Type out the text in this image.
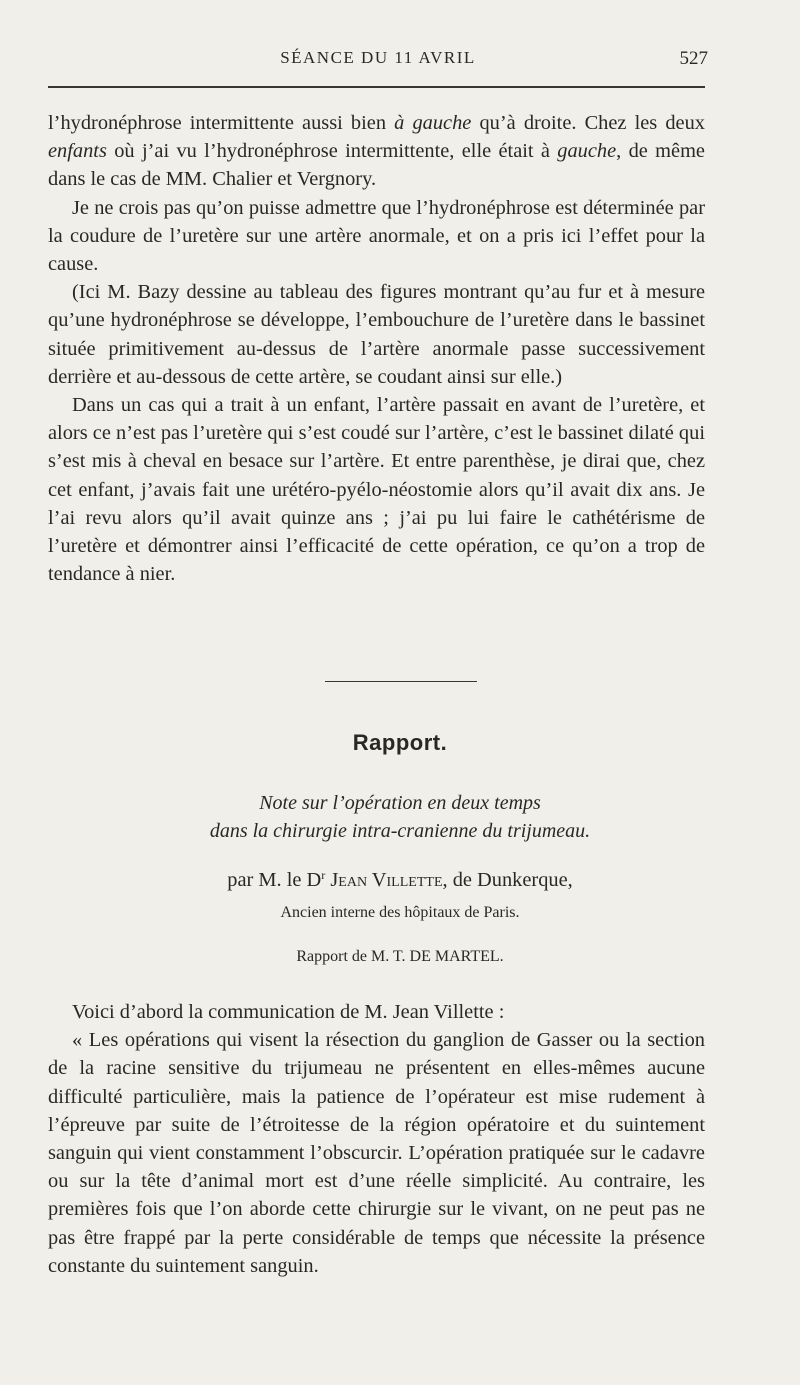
SÉANCE DU 11 AVRIL	527

l’hydronéphrose intermittente aussi bien à gauche qu’à droite. Chez les deux enfants où j’ai vu l’hydronéphrose intermittente, elle était à gauche, de même dans le cas de MM. Chalier et Vergnory.

Je ne crois pas qu’on puisse admettre que l’hydronéphrose est déterminée par la coudure de l’uretère sur une artère anormale, et on a pris ici l’effet pour la cause.

(Ici M. Bazy dessine au tableau des figures montrant qu’au fur et à mesure qu’une hydronéphrose se développe, l’embouchure de l’uretère dans le bassinet située primitivement au-dessus de l’artère anormale passe successivement derrière et au-dessous de cette artère, se coudant ainsi sur elle.)

Dans un cas qui a trait à un enfant, l’artère passait en avant de l’uretère, et alors ce n’est pas l’uretère qui s’est coudé sur l’artère, c’est le bassinet dilaté qui s’est mis à cheval en besace sur l’artère. Et entre parenthèse, je dirai que, chez cet enfant, j’avais fait une urétéro-pyélo-néostomie alors qu’il avait dix ans. Je l’ai revu alors qu’il avait quinze ans ; j’ai pu lui faire le cathétérisme de l’uretère et démontrer ainsi l’efficacité de cette opération, ce qu’on a trop de tendance à nier.

Rapport.
Note sur l’opération en deux temps
dans la chirurgie intra-cranienne du trijumeau.
par M. le $D^r$ Jean Villette, de Dunkerque,
Ancien interne des hôpitaux de Paris.
Rapport de M. T. DE MARTEL.

Voici d’abord la communication de M. Jean Villette :

« Les opérations qui visent la résection du ganglion de Gasser ou la section de la racine sensitive du trijumeau ne présentent en elles-mêmes aucune difficulté particulière, mais la patience de l’opérateur est mise rudement à l’épreuve par suite de l’étroitesse de la région opératoire et du suintement sanguin qui vient constamment l’obscurcir. L’opération pratiquée sur le cadavre ou sur la tête d’animal mort est d’une réelle simplicité. Au contraire, les premières fois que l’on aborde cette chirurgie sur le vivant, on ne peut pas ne pas être frappé par la perte considérable de temps que nécessite la présence constante du suintement sanguin.
